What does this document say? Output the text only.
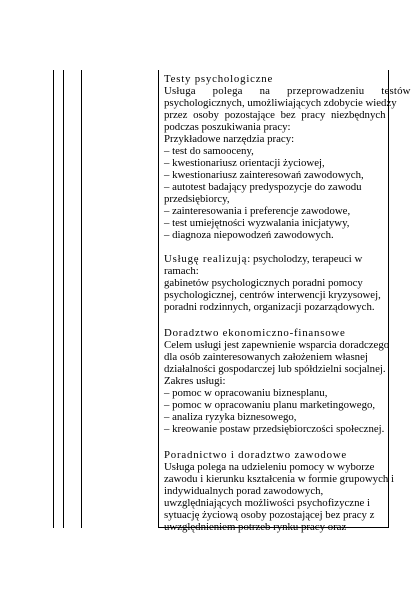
Testy psychologiczne
Usługa polega na przeprowadzeniu testów
psychologicznych, umożliwiających zdobycie wiedzy
przez osoby pozostające bez pracy niezbędnych
podczas poszukiwania pracy:
Przykładowe narzędzia pracy:
– test do samooceny,
– kwestionariusz orientacji życiowej,
– kwestionariusz zainteresowań zawodowych,
– autotest badający predyspozycje do zawodu
przedsiębiorcy,
– zainteresowania i preferencje zawodowe,
– test umiejętności wyzwalania inicjatywy,
– diagnoza niepowodzeń zawodowych.
Usługę realizują: psycholodzy, terapeuci w
ramach:
gabinetów psychologicznych poradni pomocy
psychologicznej, centrów interwencji kryzysowej,
poradni rodzinnych, organizacji pozarządowych.
Doradztwo ekonomiczno-finansowe
Celem usługi jest zapewnienie wsparcia doradczego
dla osób zainteresowanych założeniem własnej
działalności gospodarczej lub spółdzielni socjalnej.
Zakres usługi:
– pomoc w opracowaniu biznesplanu,
– pomoc w opracowaniu planu marketingowego,
– analiza ryzyka biznesowego,
– kreowanie postaw przedsiębiorczości społecznej.
Poradnictwo i doradztwo zawodowe
Usługa polega na udzieleniu pomocy w wyborze
zawodu i kierunku kształcenia w formie grupowych i
indywidualnych porad zawodowych,
uwzględniających możliwości psychofizyczne i
sytuację życiową osoby pozostającej bez pracy z
uwzględnieniem potrzeb rynku pracy oraz
